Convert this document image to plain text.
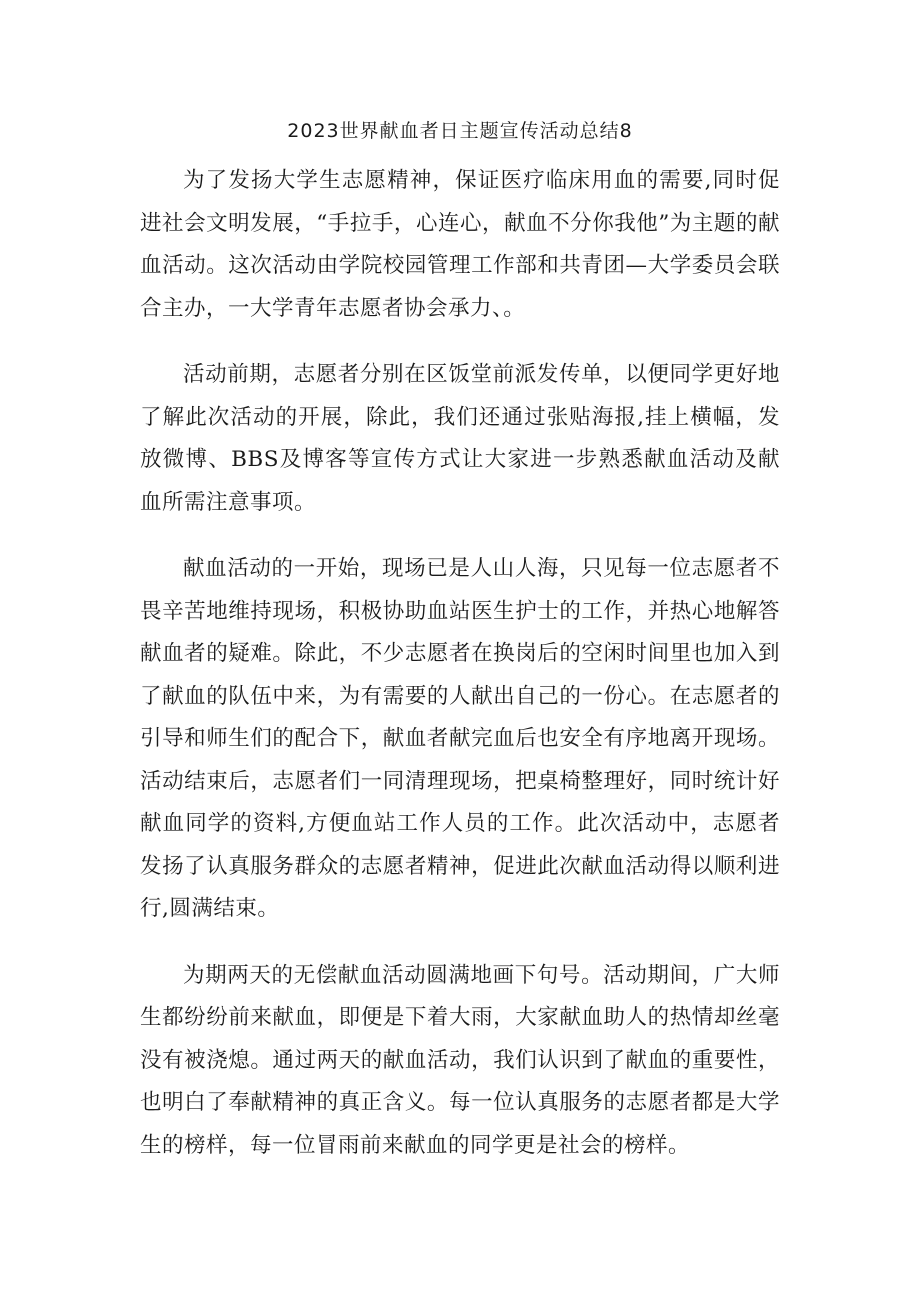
2023世界献血者日主题宣传活动总结8

为了发扬大学生志愿精神，保证医疗临床用血的需要,同时促进社会文明发展，“手拉手，心连心，献血不分你我他”为主题的献血活动。这次活动由学院校园管理工作部和共青团—大学委员会联合主办，一大学青年志愿者协会承力、。

活动前期，志愿者分别在区饭堂前派发传单，以便同学更好地了解此次活动的开展，除此，我们还通过张贴海报,挂上横幅，发放微博、BBS及博客等宣传方式让大家进一步熟悉献血活动及献血所需注意事项。

献血活动的一开始，现场已是人山人海，只见每一位志愿者不畏辛苦地维持现场，积极协助血站医生护士的工作，并热心地解答献血者的疑难。除此，不少志愿者在换岗后的空闲时间里也加入到了献血的队伍中来，为有需要的人献出自己的一份心。在志愿者的引导和师生们的配合下，献血者献完血后也安全有序地离开现场。活动结束后，志愿者们一同清理现场，把桌椅整理好，同时统计好献血同学的资料,方便血站工作人员的工作。此次活动中，志愿者发扬了认真服务群众的志愿者精神，促进此次献血活动得以顺利进行,圆满结束。

为期两天的无偿献血活动圆满地画下句号。活动期间，广大师生都纷纷前来献血，即便是下着大雨，大家献血助人的热情却丝毫没有被浇熄。通过两天的献血活动，我们认识到了献血的重要性，也明白了奉献精神的真正含义。每一位认真服务的志愿者都是大学生的榜样，每一位冒雨前来献血的同学更是社会的榜样。
